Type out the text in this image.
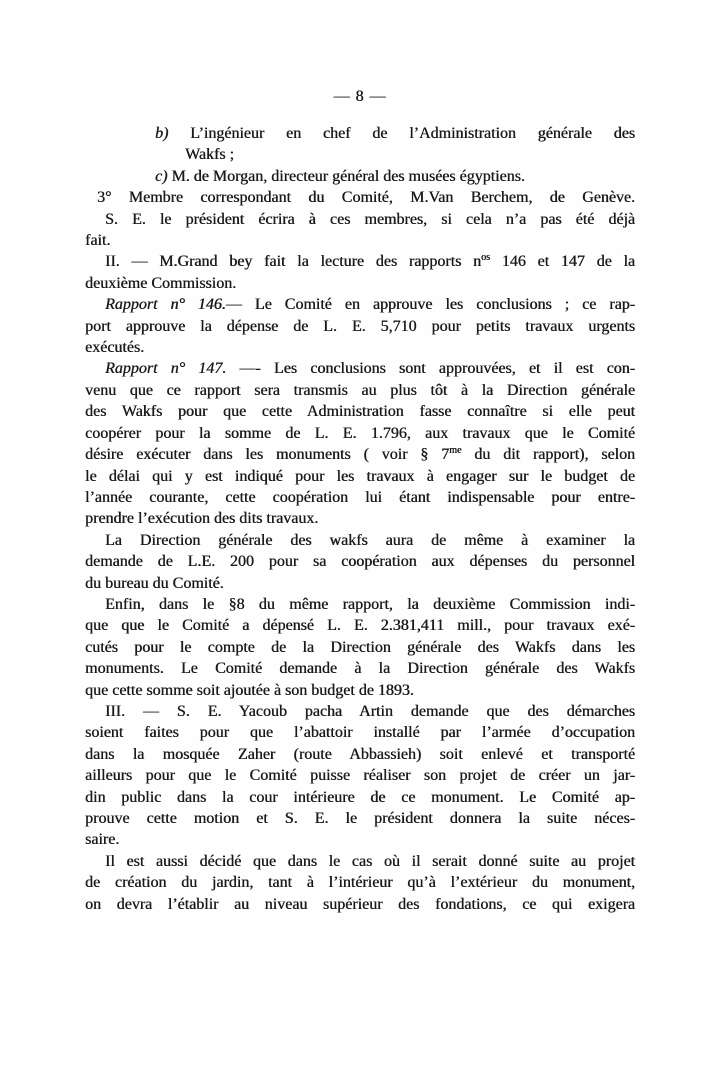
— 8 —
b) L’ingénieur en chef de l’Administration générale des
Wakfs ;
c) M. de Morgan, directeur général des musées égyptiens.
3° Membre correspondant du Comité, M.Van Berchem, de Genève.
S. E. le président écrira à ces membres, si cela n’a pas été déjà
fait.
II. — M.Grand bey fait la lecture des rapports $n^{os}$ 146 et 147 de la
deuxième Commission.
Rapport n° 146.— Le Comité en approuve les conclusions ; ce rap-
port approuve la dépense de L. E. 5,710 pour petits travaux urgents
exécutés.
Rapport n° 147. —- Les conclusions sont approuvées, et il est con-
venu que ce rapport sera transmis au plus tôt à la Direction générale
des Wakfs pour que cette Administration fasse connaître si elle peut
coopérer pour la somme de L. E. 1.796, aux travaux que le Comité
désire exécuter dans les monuments ( voir § $7^{me}$ du dit rapport), selon
le délai qui y est indiqué pour les travaux à engager sur le budget de
l’année courante, cette coopération lui étant indispensable pour entre-
prendre l’exécution des dits travaux.
La Direction générale des wakfs aura de même à examiner la
demande de L.E. 200 pour sa coopération aux dépenses du personnel
du bureau du Comité.
Enfin, dans le §8 du même rapport, la deuxième Commission indi-
que que le Comité a dépensé L. E. 2.381,411 mill., pour travaux exé-
cutés pour le compte de la Direction générale des Wakfs dans les
monuments. Le Comité demande à la Direction générale des Wakfs
que cette somme soit ajoutée à son budget de 1893.
III. — S. E. Yacoub pacha Artin demande que des démarches
soient faites pour que l’abattoir installé par l’armée d’occupation
dans la mosquée Zaher (route Abbassieh) soit enlevé et transporté
ailleurs pour que le Comité puisse réaliser son projet de créer un jar-
din public dans la cour intérieure de ce monument. Le Comité ap-
prouve cette motion et S. E. le président donnera la suite néces-
saire.
Il est aussi décidé que dans le cas où il serait donné suite au projet
de création du jardin, tant à l’intérieur qu’à l’extérieur du monument,
on devra l’établir au niveau supérieur des fondations, ce qui exigera
